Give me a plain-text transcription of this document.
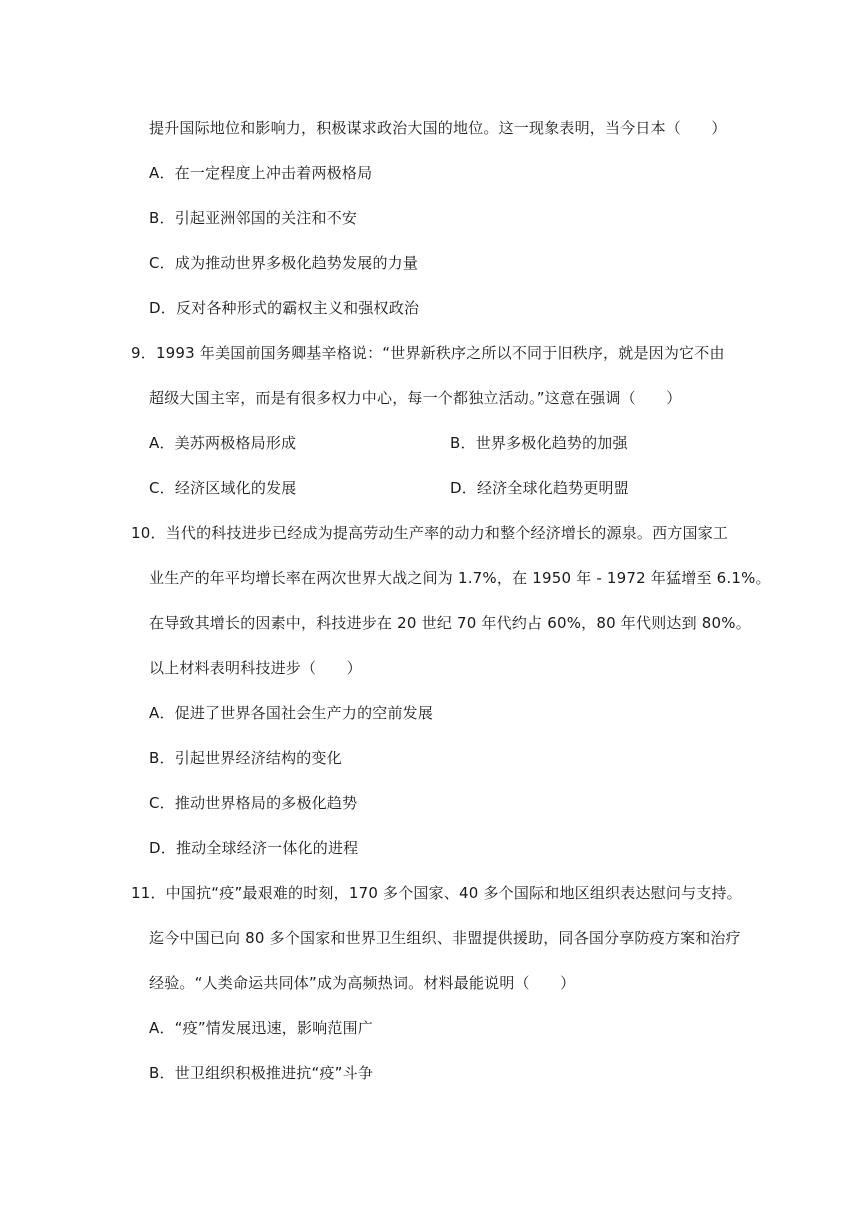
提升国际地位和影响力，积极谋求政治大国的地位。这一现象表明，当今日本（　　）
A．在一定程度上冲击着两极格局
B．引起亚洲邻国的关注和不安
C．成为推动世界多极化趋势发展的力量
D．反对各种形式的霸权主义和强权政治
9．1993 年美国前国务卿基辛格说：“世界新秩序之所以不同于旧秩序，就是因为它不由
超级大国主宰，而是有很多权力中心，每一个都独立活动。”这意在强调（　　）
A．美苏两极格局形成	B．世界多极化趋势的加强
C．经济区域化的发展	D．经济全球化趋势更明盟
10．当代的科技进步已经成为提高劳动生产率的动力和整个经济增长的源泉。西方国家工
业生产的年平均增长率在两次世界大战之间为 1.7%，在 1950 年 - 1972 年猛增至 6.1%。
在导致其增长的因素中，科技进步在 20 世纪 70 年代约占 60%，80 年代则达到 80%。
以上材料表明科技进步（　　）
A．促进了世界各国社会生产力的空前发展
B．引起世界经济结构的变化
C．推动世界格局的多极化趋势
D．推动全球经济一体化的进程
11．中国抗“疫”最艰难的时刻，170 多个国家、40 多个国际和地区组织表达慰问与支持。
迄今中国已向 80 多个国家和世界卫生组织、非盟提供援助，同各国分享防疫方案和治疗
经验。“人类命运共同体”成为高频热词。材料最能说明（　　）
A．“疫”情发展迅速，影响范围广
B．世卫组织积极推进抗“疫”斗争
